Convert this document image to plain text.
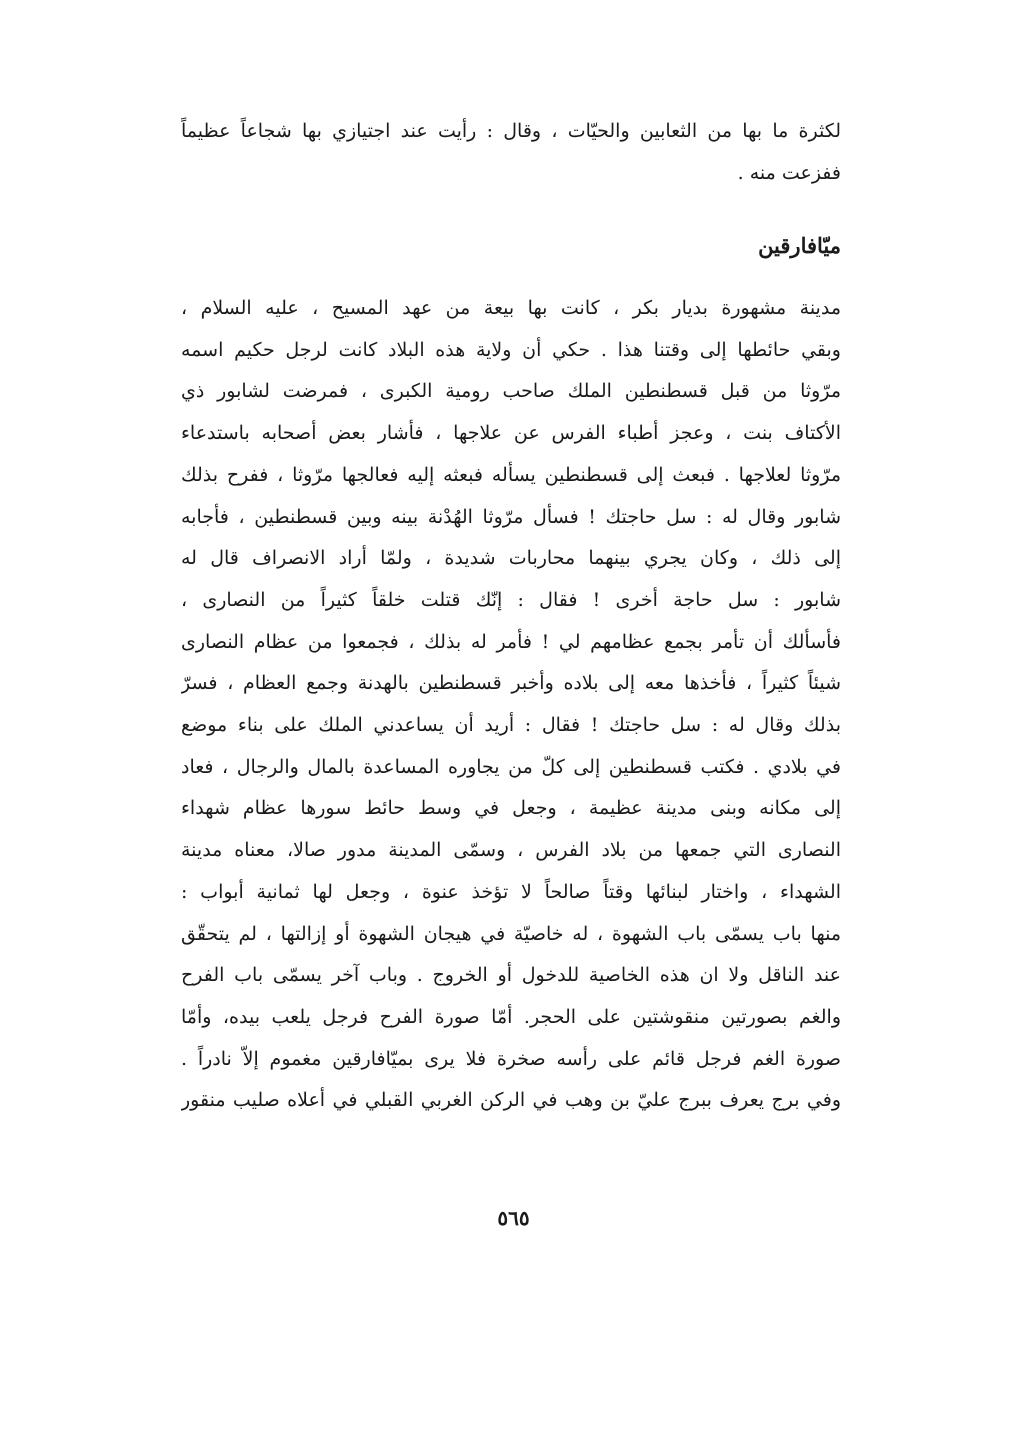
لكثرة ما بها من الثعابين والحيّات ، وقال : رأيت عند اجتيازي بها شجاعاً عظيماً
ففزعت منه .
ميّافارقين
مدينة مشهورة بديار بكر ، كانت بها بيعة من عهد المسيح ، عليه السلام ،
وبقي حائطها إلى وقتنا هذا . حكي أن ولاية هذه البلاد كانت لرجل حكيم اسمه
مرّوثا من قبل قسطنطين الملك صاحب رومية الكبرى ، فمرضت لشابور ذي
الأكتاف بنت ، وعجز أطباء الفرس عن علاجها ، فأشار بعض أصحابه باستدعاء
مرّوثا لعلاجها . فبعث إلى قسطنطين يسأله فبعثه إليه فعالجها مرّوثا ، ففرح بذلك
شابور وقال له : سل حاجتك ! فسأل مرّوثا الهُدْنة بينه وبين قسطنطين ، فأجابه
إلى ذلك ، وكان يجري بينهما محاربات شديدة ، ولمّا أراد الانصراف قال له
شابور : سل حاجة أخرى ! فقال : إنّك قتلت خلقاً كثيراً من النصارى ،
فأسألك أن تأمر بجمع عظامهم لي ! فأمر له بذلك ، فجمعوا من عظام النصارى
شيئاً كثيراً ، فأخذها معه إلى بلاده وأخبر قسطنطين بالهدنة وجمع العظام ، فسرّ
بذلك وقال له : سل حاجتك ! فقال : أريد أن يساعدني الملك على بناء موضع
في بلادي . فكتب قسطنطين إلى كلّ من يجاوره المساعدة بالمال والرجال ، فعاد
إلى مكانه وبنى مدينة عظيمة ، وجعل في وسط حائط سورها عظام شهداء
النصارى التي جمعها من بلاد الفرس ، وسمّى المدينة مدور صالا، معناه مدينة
الشهداء ، واختار لبنائها وقتاً صالحاً لا تؤخذ عنوة ، وجعل لها ثمانية أبواب :
منها باب يسمّى باب الشهوة ، له خاصيّة في هيجان الشهوة أو إزالتها ، لم يتحقّق
عند الناقل ولا ان هذه الخاصية للدخول أو الخروج . وباب آخر يسمّى باب الفرح
والغم بصورتين منقوشتين على الحجر. أمّا صورة الفرح فرجل يلعب بيده، وأمّا
صورة الغم فرجل قائم على رأسه صخرة فلا يرى بميّافارقين مغموم إلاّ نادراً .
وفي برج يعرف ببرج عليّ بن وهب في الركن الغربي القبلي في أعلاه صليب منقور
٥٦٥
